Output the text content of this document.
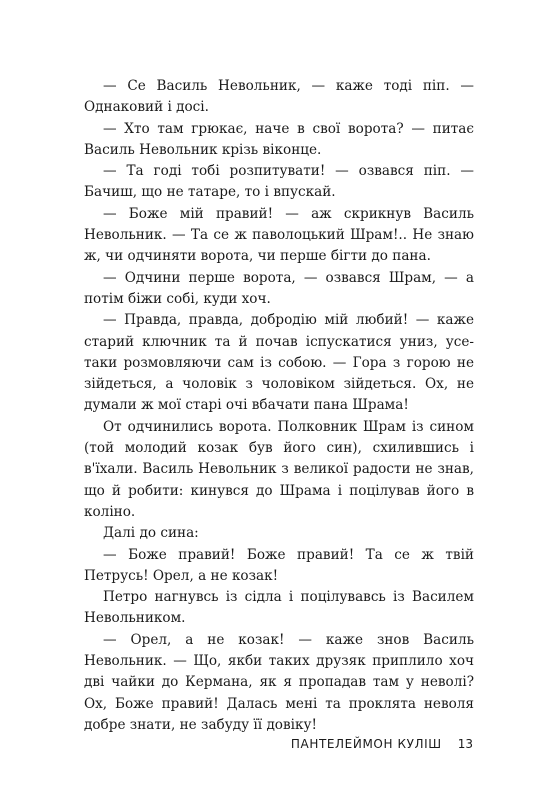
— Се Василь Невольник, — каже тоді піп. — Однаковий і досі.

— Хто там грюкає, наче в свої ворота? — питає Василь Невольник крізь віконце.

— Та годі тобі розпитувати! — озвався піп. — Бачиш, що не татаре, то і впускай.

— Боже мій правий! — аж скрикнув Василь Невольник. — Та се ж паволоцький Шрам!.. Не знаю ж, чи одчиняти ворота, чи перше бігти до пана.

— Одчини перше ворота, — озвався Шрам, — а потім біжи собі, куди хоч.

— Правда, правда, добродію мій любий! — каже старий ключник та й почав іспускатися униз, усе-таки розмовляючи сам із собою. — Гора з горою не зійдеться, а чоловік з чоловіком зійдеться. Ох, не думали ж мої старі очі вбачати пана Шрама!

От одчинились ворота. Полковник Шрам із сином (той молодий козак був його син), схилившись і в'їхали. Василь Невольник з великої радости не знав, що й робити: кинувся до Шрама і поцілував його в коліно.

Далі до сина:

— Боже правий! Боже правий! Та се ж твій Петрусь! Орел, а не козак!

Петро нагнувсь із сідла і поцілувавсь із Василем Невольником.

— Орел, а не козак! — каже знов Василь Невольник. — Що, якби таких друзяк приплило хоч дві чайки до Кермана, як я пропадав там у неволі? Ох, Боже правий! Далась мені та проклята неволя добре знати, не забуду її довіку!

ПАНТЕЛЕЙМОН КУЛІШ 13
